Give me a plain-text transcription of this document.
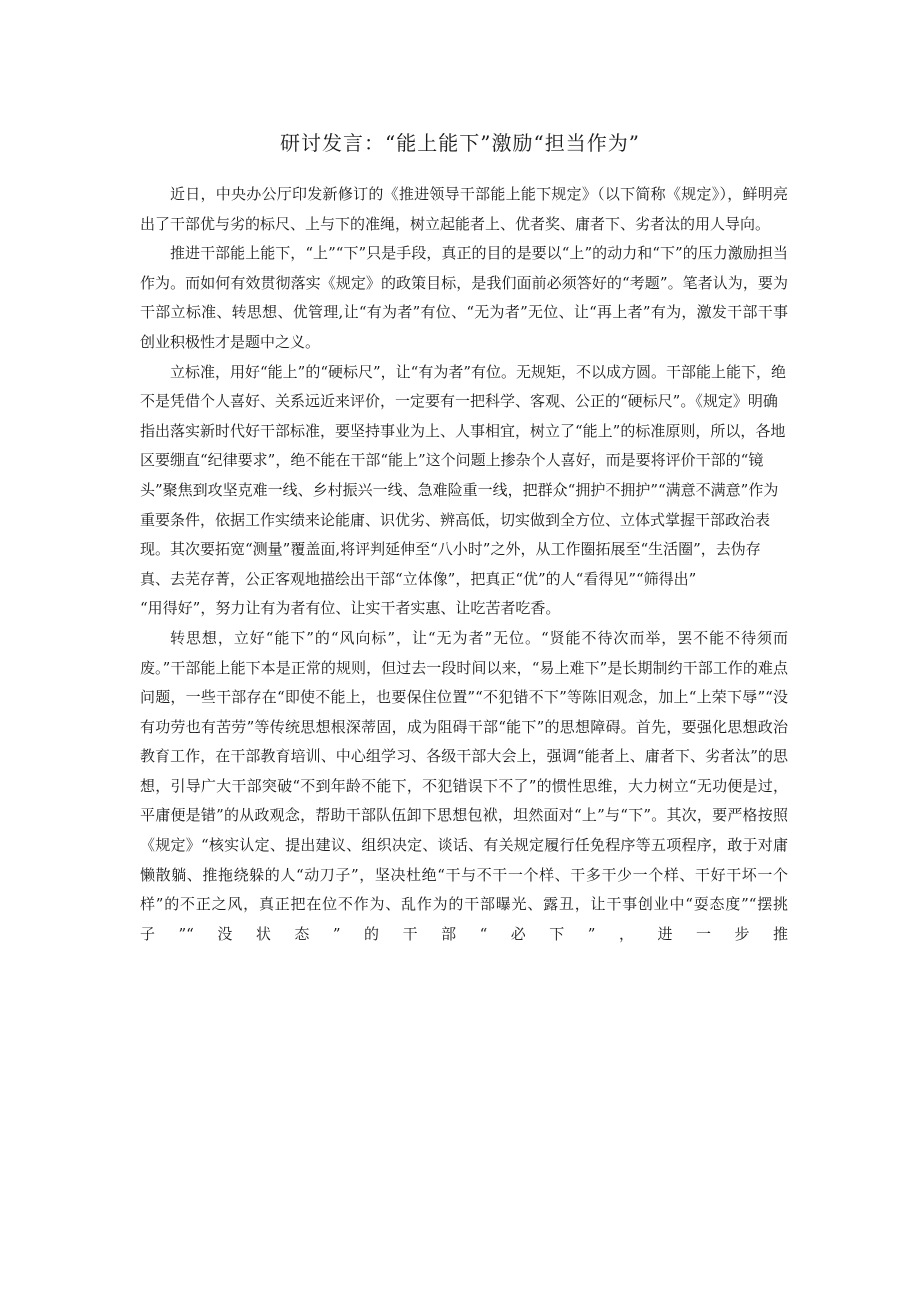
研讨发言：“能上能下”激励“担当作为”

近日，中央办公厅印发新修订的《推进领导干部能上能下规定》（以下简称《规定》），鲜明亮出了干部优与劣的标尺、上与下的准绳，树立起能者上、优者奖、庸者下、劣者汰的用人导向。

推进干部能上能下，“上”“下”只是手段，真正的目的是要以“上”的动力和“下”的压力激励担当作为。而如何有效贯彻落实《规定》的政策目标，是我们面前必须答好的“考题”。笔者认为，要为干部立标准、转思想、优管理,让“有为者”有位、“无为者”无位、让“再上者”有为，激发干部干事创业积极性才是题中之义。

立标准，用好“能上”的“硬标尺”，让“有为者”有位。无规矩，不以成方圆。干部能上能下，绝不是凭借个人喜好、关系远近来评价，一定要有一把科学、客观、公正的“硬标尺”。《规定》明确指出落实新时代好干部标准，要坚持事业为上、人事相宜，树立了“能上”的标准原则，所以，各地区要绷直“纪律要求”，绝不能在干部“能上”这个问题上掺杂个人喜好，而是要将评价干部的“镜头”聚焦到攻坚克难一线、乡村振兴一线、急难险重一线，把群众“拥护不拥护”“满意不满意”作为重要条件，依据工作实绩来论能庸、识优劣、辨高低，切实做到全方位、立体式掌握干部政治表现。其次要拓宽“测量”覆盖面,将评判延伸至“八小时”之外，从工作圈拓展至“生活圈”，去伪存真、去芜存菁，公正客观地描绘出干部“立体像”，把真正“优”的人“看得见”“筛得出”

“用得好”，努力让有为者有位、让实干者实惠、让吃苦者吃香。

转思想，立好“能下”的“风向标”，让“无为者”无位。“贤能不待次而举，罢不能不待须而废。”干部能上能下本是正常的规则，但过去一段时间以来，“易上难下”是长期制约干部工作的难点问题，一些干部存在“即使不能上，也要保住位置”“不犯错不下”等陈旧观念，加上“上荣下辱”“没有功劳也有苦劳”等传统思想根深蒂固，成为阻碍干部“能下”的思想障碍。首先，要强化思想政治教育工作，在干部教育培训、中心组学习、各级干部大会上，强调“能者上、庸者下、劣者汰”的思想，引导广大干部突破“不到年龄不能下，不犯错误下不了”的惯性思维，大力树立“无功便是过，平庸便是错”的从政观念，帮助干部队伍卸下思想包袱，坦然面对“上”与“下”。其次，要严格按照《规定》“核实认定、提出建议、组织决定、谈话、有关规定履行任免程序等五项程序，敢于对庸懒散躺、推拖绕躲的人“动刀子”，坚决杜绝“干与不干一个样、干多干少一个样、干好干坏一个样”的不正之风，真正把在位不作为、乱作为的干部曝光、露丑，让干事创业中“耍态度”“摆挑子”“没状态”的干部“必下”，进一步推
